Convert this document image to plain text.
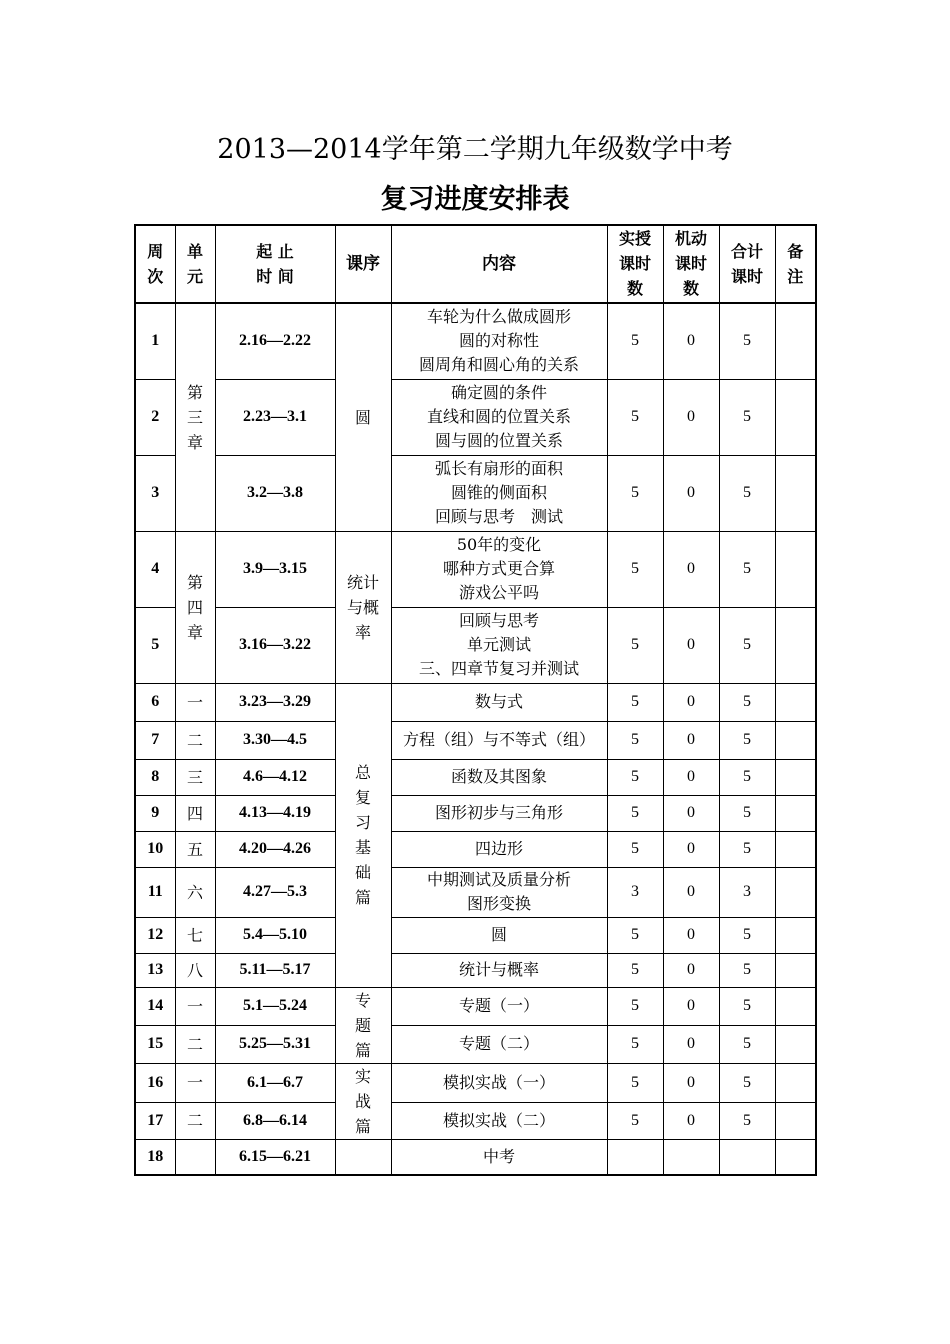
2013—2014学年第二学期九年级数学中考
复习进度安排表
周次	单元	起 止 时 间	课序	内容	实授课时数	机动课时数	合计课时	备注
1	第三章	2.16—2.22	圆	车轮为什么做成圆形
圆的对称性
圆周角和圆心角的关系	5	0	5	
2		2.23—3.1		确定圆的条件
直线和圆的位置关系
圆与圆的位置关系	5	0	5	
3		3.2—3.8		弧长有扇形的面积
圆锥的侧面积
回顾与思考　测试	5	0	5	
4	第四章	3.9—3.15	统计与概率	50年的变化
哪种方式更合算
游戏公平吗	5	0	5	
5		3.16—3.22		回顾与思考
单元测试
三、四章节复习并测试	5	0	5	
6	一	3.23—3.29	总复习基础篇	数与式	5	0	5	
7	二	3.30—4.5		方程（组）与不等式（组）	5	0	5	
8	三	4.6—4.12		函数及其图象	5	0	5	
9	四	4.13—4.19		图形初步与三角形	5	0	5	
10	五	4.20—4.26		四边形	5	0	5	
11	六	4.27—5.3		中期测试及质量分析
图形变换	3	0	3	
12	七	5.4—5.10		圆	5	0	5	
13	八	5.11—5.17		统计与概率	5	0	5	
14	一	5.1—5.24	专题篇	专题（一）	5	0	5	
15	二	5.25—5.31		专题（二）	5	0	5	
16	一	6.1—6.7	实战篇	模拟实战（一）	5	0	5	
17	二	6.8—6.14		模拟实战（二）	5	0	5	
18		6.15—6.21		中考				
